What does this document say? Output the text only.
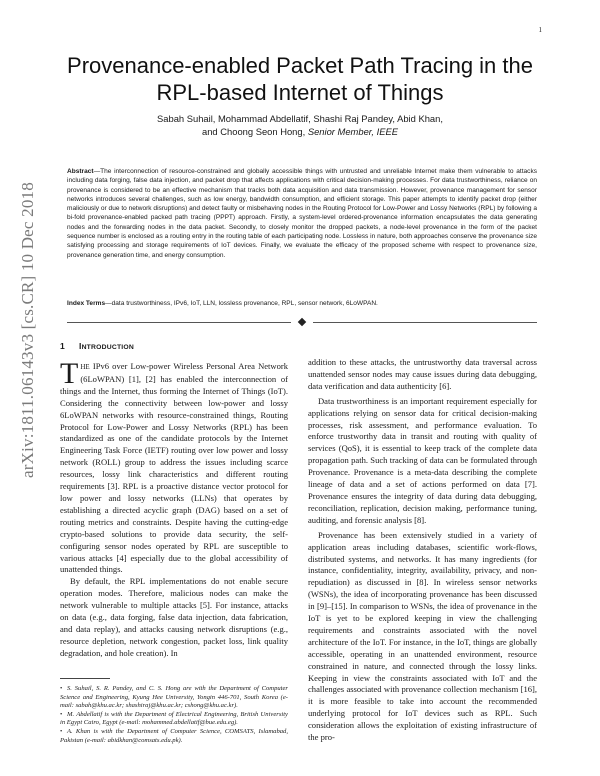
1
arXiv:1811.06143v3 [cs.CR] 10 Dec 2018
Provenance-enabled Packet Path Tracing in the RPL-based Internet of Things
Sabah Suhail, Mohammad Abdellatif, Shashi Raj Pandey, Abid Khan,
and Choong Seon Hong, Senior Member, IEEE
Abstract—The interconnection of resource-constrained and globally accessible things with untrusted and unreliable Internet make them vulnerable to attacks including data forging, false data injection, and packet drop that affects applications with critical decision-making processes. For data trustworthiness, reliance on provenance is considered to be an effective mechanism that tracks both data acquisition and data transmission. However, provenance management for sensor networks introduces several challenges, such as low energy, bandwidth consumption, and efficient storage. This paper attempts to identify packet drop (either maliciously or due to network disruptions) and detect faulty or misbehaving nodes in the Routing Protocol for Low-Power and Lossy Networks (RPL) by following a bi-fold provenance-enabled packed path tracing (PPPT) approach. Firstly, a system-level ordered-provenance information encapsulates the data generating nodes and the forwarding nodes in the data packet. Secondly, to closely monitor the dropped packets, a node-level provenance in the form of the packet sequence number is enclosed as a routing entry in the routing table of each participating node. Lossless in nature, both approaches conserve the provenance size satisfying processing and storage requirements of IoT devices. Finally, we evaluate the efficacy of the proposed scheme with respect to provenance size, provenance generation time, and energy consumption.
Index Terms—data trustworthiness, IPv6, IoT, LLN, lossless provenance, RPL, sensor network, 6LoWPAN.
1 INTRODUCTION

THE IPv6 over Low-power Wireless Personal Area Network (6LoWPAN) [1], [2] has enabled the interconnection of things and the Internet, thus forming the Internet of Things (IoT). Considering the connectivity between low-power and lossy 6LoWPAN networks with resource-constrained things, Routing Protocol for Low-Power and Lossy Networks (RPL) has been standardized as one of the candidate protocols by the Internet Engineering Task Force (IETF) routing over low power and lossy network (ROLL) group to address the issues including scarce resources, lossy link characteristics and different routing requirements [3]. RPL is a proactive distance vector protocol for low power and lossy networks (LLNs) that operates by establishing a directed acyclic graph (DAG) based on a set of routing metrics and constraints. Despite having the cutting-edge crypto-based solutions to provide data security, the self-configuring sensor nodes operated by RPL are susceptible to various attacks [4] especially due to the global accessibility of unattended things.

By default, the RPL implementations do not enable secure operation modes. Therefore, malicious nodes can make the network vulnerable to multiple attacks [5]. For instance, attacks on data (e.g., data forging, false data injection, data fabrication, and data replay), and attacks causing network disruptions (e.g., resource depletion, network congestion, packet loss, link quality degradation, and hole creation). In

addition to these attacks, the untrustworthy data traversal across unattended sensor nodes may cause issues during data debugging, data verification and data authenticity [6].

Data trustworthiness is an important requirement especially for applications relying on sensor data for critical decision-making processes, risk assessment, and performance evaluation. To enforce trustworthy data in transit and routing with quality of services (QoS), it is essential to keep track of the complete data propagation path. Such tracking of data can be formulated through Provenance. Provenance is a meta-data describing the complete lineage of data and a set of actions performed on data [7]. Provenance ensures the integrity of data during data debugging, reconciliation, replication, decision making, performance tuning, auditing, and forensic analysis [8].

Provenance has been extensively studied in a variety of application areas including databases, scientific work-flows, distributed systems, and networks. It has many ingredients (for instance, confidentiality, integrity, availability, privacy, and non-repudiation) as discussed in [8]. In wireless sensor networks (WSNs), the idea of incorporating provenance has been discussed in [9]–[15]. In comparison to WSNs, the idea of provenance in the IoT is yet to be explored keeping in view the challenging requirements and constraints associated with the novel architecture of the IoT. For instance, in the IoT, things are globally accessible, operating in an unattended environment, resource constrained in nature, and connected through the lossy links. Keeping in view the constraints associated with IoT and the challenges associated with provenance collection mechanism [16], it is more feasible to take into account the recommended underlying protocol for IoT devices such as RPL. Such consideration allows the exploitation of existing infrastructure of the pro-

• S. Suhail, S. R. Pandey, and C. S. Hong are with the Department of Computer Science and Engineering, Kyung Hee University, Yongin 446-701, South Korea (e-mail: sabah@khu.ac.kr; shashiraj@khu.ac.kr; cshong@khu.ac.kr).

• M. Abdellatif is with the Department of Electrical Engineering, British University in Egypt Cairo, Egypt (e-mail: mohammed.abdellatif@bue.edu.eg).

• A. Khan is with the Department of Computer Science, COMSATS, Islamabad, Pakistan (e-mail: abidkhan@comsats.edu.pk).
